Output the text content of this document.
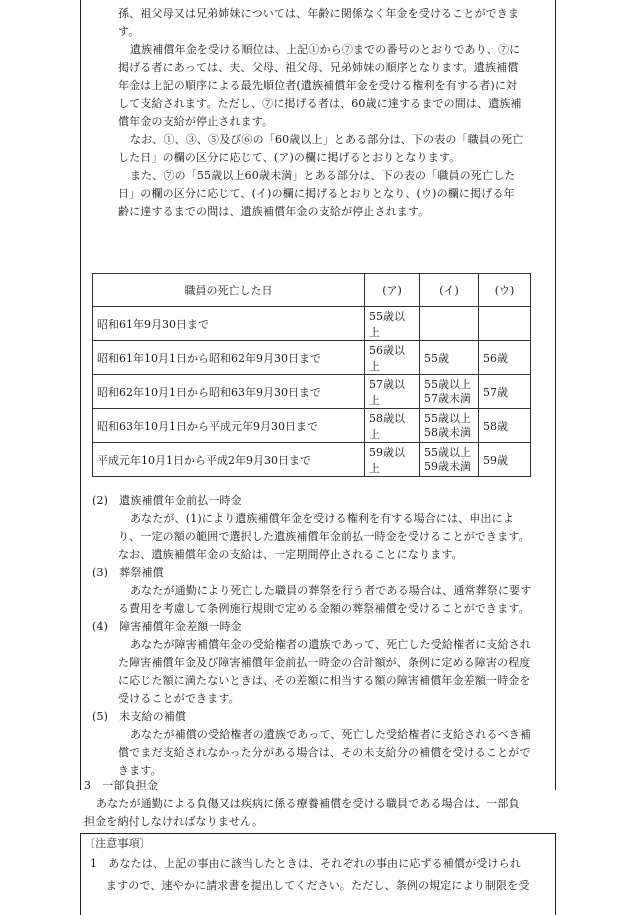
孫、祖父母又は兄弟姉妹については、年齢に関係なく年金を受けることができま
す。
遺族補償年金を受ける順位は、上記①から⑦までの番号のとおりであり、⑦に
掲げる者にあっては、夫、父母、祖父母、兄弟姉妹の順序となります。遺族補償
年金は上記の順序による最先順位者(遺族補償年金を受ける権利を有する者)に対
して支給されます。ただし、⑦に掲げる者は、60歳に達するまでの間は、遺族補
償年金の支給が停止されます。
なお、①、③、⑤及び⑥の「60歳以上」とある部分は、下の表の「職員の死亡
した日」の欄の区分に応じて、(ア)の欄に掲げるとおりとなります。
また、⑦の「55歳以上60歳未満」とある部分は、下の表の「職員の死亡した
日」の欄の区分に応じて、(イ)の欄に掲げるとおりとなり、(ウ)の欄に掲げる年
齢に達するまでの間は、遺族補償年金の支給が停止されます。
職員の死亡した日	(ア)	(イ)	(ウ)
昭和61年9月30日まで	55歳以上		
昭和61年10月1日から昭和62年9月30日まで	56歳以上	55歳	56歳
昭和62年10月1日から昭和63年9月30日まで	57歳以上	55歳以上
57歳未満	57歳
昭和63年10月1日から平成元年9月30日まで	58歳以上	55歳以上
58歳未満	58歳
平成元年10月1日から平成2年9月30日まで	59歳以上	55歳以上
59歳未満	59歳
(2)　遺族補償年金前払一時金
あなたが、(1)により遺族補償年金を受ける権利を有する場合には、申出によ
り、一定の額の範囲で選択した遺族補償年金前払一時金を受けることができます。
なお、遺族補償年金の支給は、一定期間停止されることになります。
(3)　葬祭補償
あなたが通勤により死亡した職員の葬祭を行う者である場合は、通常葬祭に要す
る費用を考慮して条例施行規則で定める金額の葬祭補償を受けることができます。
(4)　障害補償年金差額一時金
あなたが障害補償年金の受給権者の遺族であって、死亡した受給権者に支給され
た障害補償年金及び障害補償年金前払一時金の合計額が、条例に定める障害の程度
に応じた額に満たないときは、その差額に相当する額の障害補償年金差額一時金を
受けることができます。
(5)　未支給の補償
あなたが補償の受給権者の遺族であって、死亡した受給権者に支給されるべき補
償でまだ支給されなかった分がある場合は、その未支給分の補償を受けることがで
きます。
3　一部負担金
あなたが通勤による負傷又は疾病に係る療養補償を受ける職員である場合は、一部負
担金を納付しなければなりません。
〔注意事項〕
1　あなたは、上記の事由に該当したときは、それぞれの事由に応ずる補償が受けられ
ますので、速やかに請求書を提出してください。ただし、条例の規定により制限を受
